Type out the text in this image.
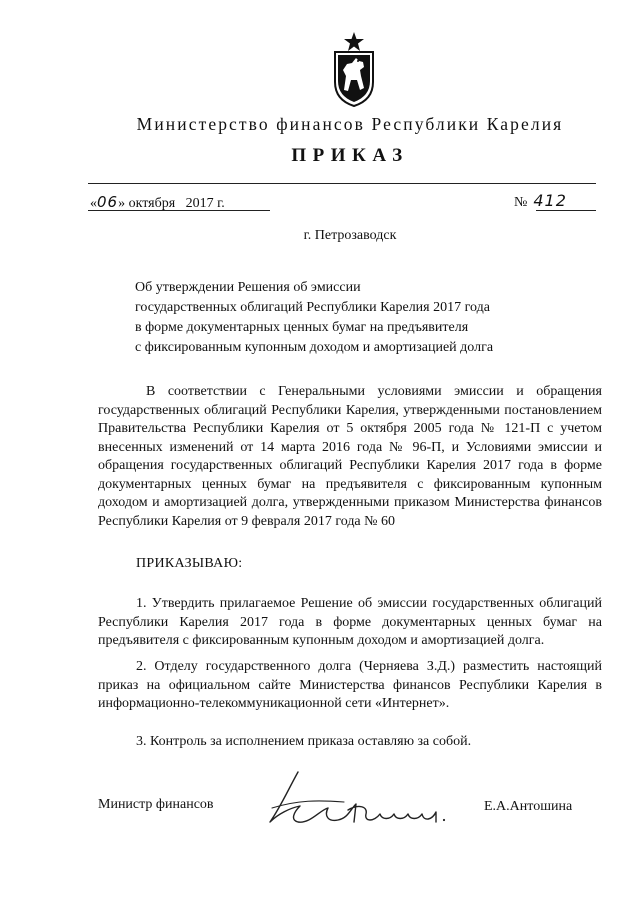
Министерство финансов Республики Карелия
ПРИКАЗ
«06» октября   2017 г.	№ 412
г. Петрозаводск
Об утверждении Решения об эмиссии
государственных облигаций Республики Карелия 2017 года
в форме документарных ценных бумаг на предъявителя
с фиксированным купонным доходом и амортизацией долга
В соответствии с Генеральными условиями эмиссии и обращения государственных облигаций Республики Карелия, утвержденными постановлением Правительства Республики Карелия от 5 октября 2005 года № 121-П с учетом внесенных изменений от 14 марта 2016 года № 96-П, и Условиями эмиссии и обращения государственных облигаций Республики Карелия 2017 года в форме документарных ценных бумаг на предъявителя с фиксированным купонным доходом и амортизацией долга, утвержденными приказом Министерства финансов Республики Карелия от 9 февраля 2017 года № 60
ПРИКАЗЫВАЮ:
1. Утвердить прилагаемое Решение об эмиссии государственных облигаций Республики Карелия 2017 года в форме документарных ценных бумаг на предъявителя с фиксированным купонным доходом и амортизацией долга.
2. Отделу государственного долга (Черняева З.Д.) разместить настоящий приказ на официальном сайте Министерства финансов Республики Карелия в информационно-телекоммуникационной сети «Интернет».
3. Контроль за исполнением приказа оставляю за собой.
Министр финансов	Е.А.Антошина
